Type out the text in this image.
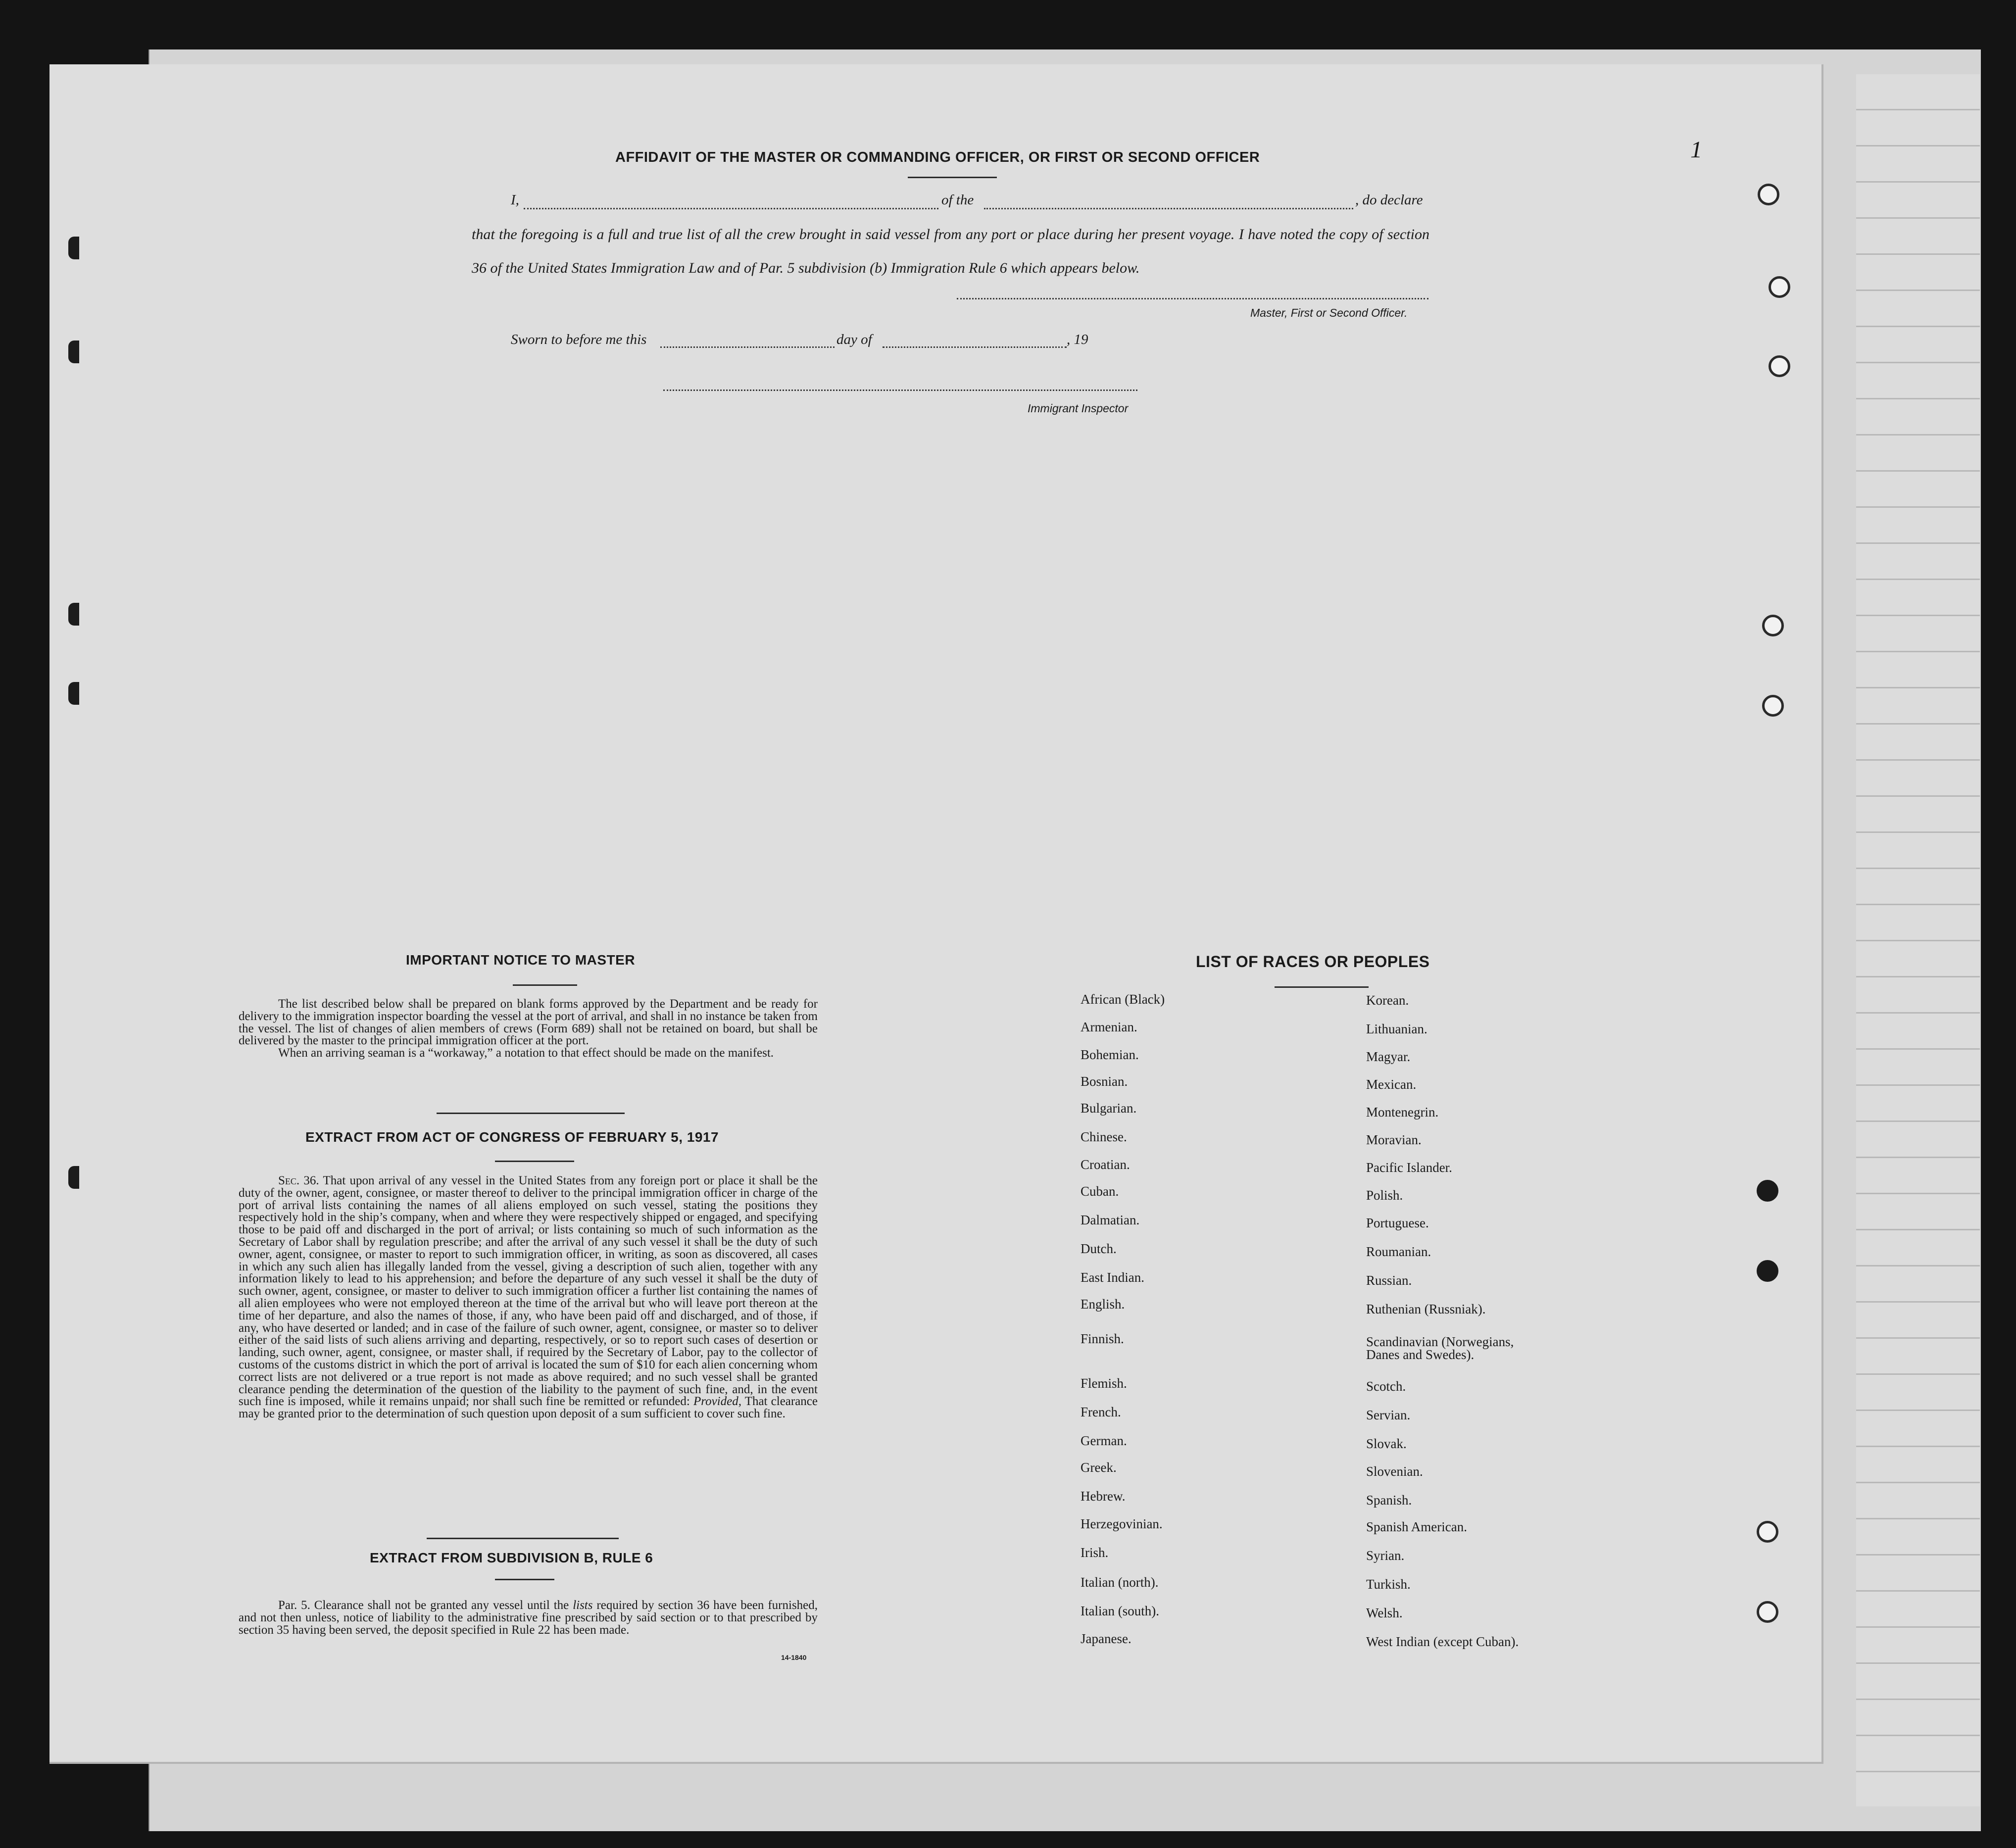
1
AFFIDAVIT OF THE MASTER OR COMMANDING OFFICER, OR FIRST OR SECOND OFFICER
I,	of the	, do declare

that the foregoing is a full and true list of all the crew brought in said vessel from any port or place during her present voyage. I have noted the copy of section 36 of the United States Immigration Law and of Par. 5 subdivision (b) Immigration Rule 6 which appears below.

Master, First or Second Officer.
Sworn to before me this	day of	, 19
Immigrant Inspector
IMPORTANT NOTICE TO MASTER

The list described below shall be prepared on blank forms approved by the Department and be ready for delivery to the immigration inspector boarding the vessel at the port of arrival, and shall in no instance be taken from the vessel. The list of changes of alien members of crews (Form 689) shall not be retained on board, but shall be delivered by the master to the principal immigration officer at the port.

When an arriving seaman is a “workaway,” a notation to that effect should be made on the manifest.

EXTRACT FROM ACT OF CONGRESS OF FEBRUARY 5, 1917

Sec. 36. That upon arrival of any vessel in the United States from any foreign port or place it shall be the duty of the owner, agent, consignee, or master thereof to deliver to the principal immigration officer in charge of the port of arrival lists containing the names of all aliens employed on such vessel, stating the positions they respectively hold in the ship’s company, when and where they were respectively shipped or engaged, and specifying those to be paid off and discharged in the port of arrival; or lists containing so much of such information as the Secretary of Labor shall by regulation prescribe; and after the arrival of any such vessel it shall be the duty of such owner, agent, consignee, or master to report to such immigration officer, in writing, as soon as discovered, all cases in which any such alien has illegally landed from the vessel, giving a description of such alien, together with any information likely to lead to his apprehension; and before the departure of any such vessel it shall be the duty of such owner, agent, consignee, or master to deliver to such immigration officer a further list containing the names of all alien employees who were not employed thereon at the time of the arrival but who will leave port thereon at the time of her departure, and also the names of those, if any, who have been paid off and discharged, and of those, if any, who have deserted or landed; and in case of the failure of such owner, agent, consignee, or master so to deliver either of the said lists of such aliens arriving and departing, respectively, or so to report such cases of desertion or landing, such owner, agent, consignee, or master shall, if required by the Secretary of Labor, pay to the collector of customs of the customs district in which the port of arrival is located the sum of $10 for each alien concerning whom correct lists are not delivered or a true report is not made as above required; and no such vessel shall be granted clearance pending the determination of the question of the liability to the payment of such fine, and, in the event such fine is imposed, while it remains unpaid; nor shall such fine be remitted or refunded: Provided, That clearance may be granted prior to the determination of such question upon deposit of a sum sufficient to cover such fine.

EXTRACT FROM SUBDIVISION B, RULE 6

Par. 5. Clearance shall not be granted any vessel until the lists required by section 36 have been furnished, and not then unless, notice of liability to the administrative fine prescribed by said section or to that prescribed by section 35 having been served, the deposit specified in Rule 22 has been made.

14-1840
LIST OF RACES OR PEOPLES
African (Black)
Armenian.
Bohemian.
Bosnian.
Bulgarian.
Chinese.
Croatian.
Cuban.
Dalmatian.
Dutch.
East Indian.
English.
Finnish.
Flemish.
French.
German.
Greek.
Hebrew.
Herzegovinian.
Irish.
Italian (north).
Italian (south).
Japanese.
Korean.
Lithuanian.
Magyar.
Mexican.
Montenegrin.
Moravian.
Pacific Islander.
Polish.
Portuguese.
Roumanian.
Russian.
Ruthenian (Russniak).
Scandinavian (Norwegians, Danes and Swedes).
Scotch.
Servian.
Slovak.
Slovenian.
Spanish.
Spanish American.
Syrian.
Turkish.
Welsh.
West Indian (except Cuban).
